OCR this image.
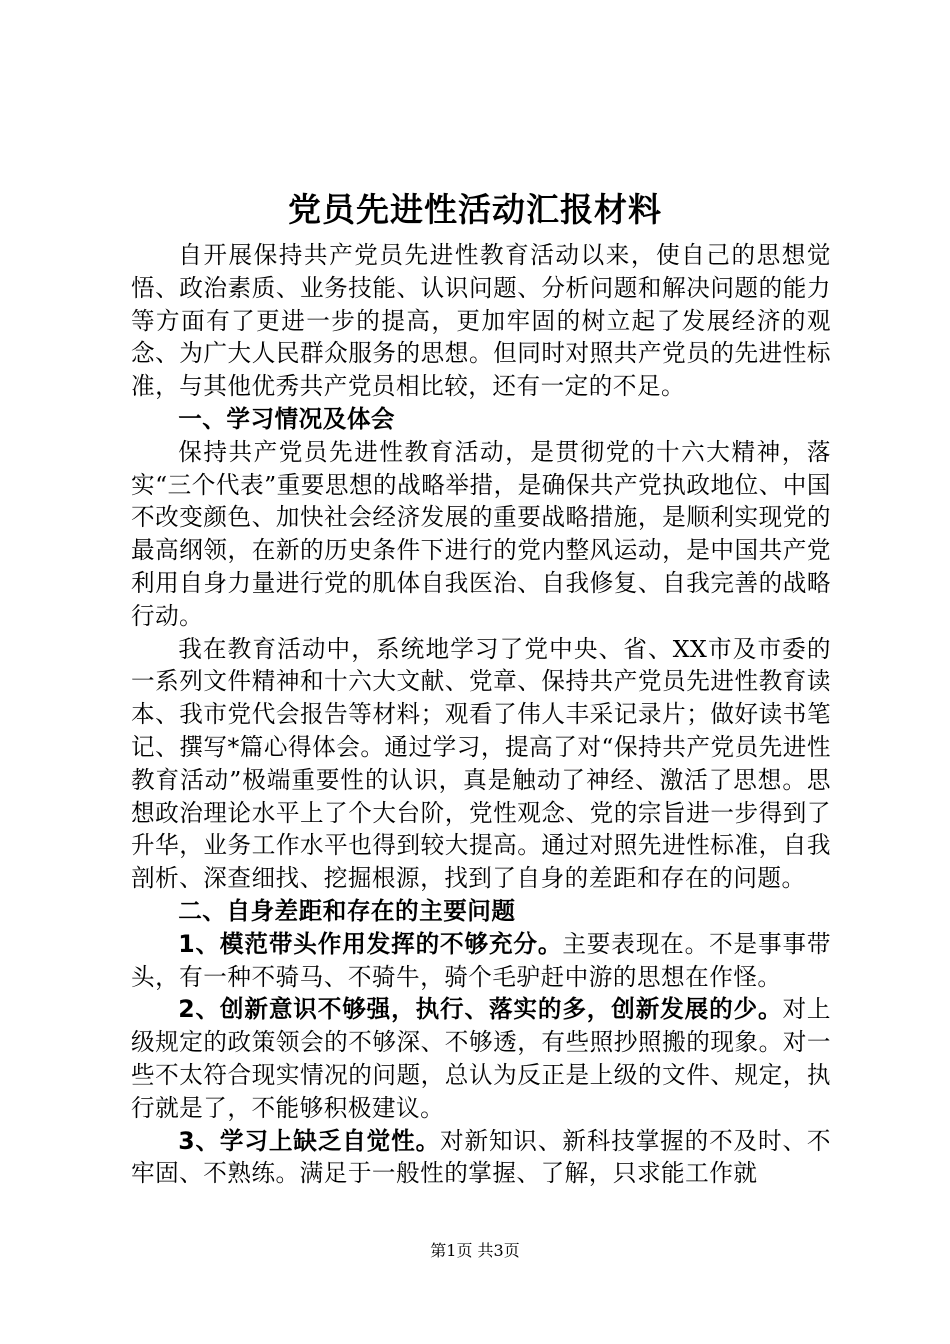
党员先进性活动汇报材料

自开展保持共产党员先进性教育活动以来，使自己的思想觉悟、政治素质、业务技能、认识问题、分析问题和解决问题的能力等方面有了更进一步的提高，更加牢固的树立起了发展经济的观念、为广大人民群众服务的思想。但同时对照共产党员的先进性标准，与其他优秀共产党员相比较，还有一定的不足。

一、学习情况及体会

保持共产党员先进性教育活动，是贯彻党的十六大精神，落实“三个代表”重要思想的战略举措，是确保共产党执政地位、中国不改变颜色、加快社会经济发展的重要战略措施，是顺利实现党的最高纲领，在新的历史条件下进行的党内整风运动，是中国共产党利用自身力量进行党的肌体自我医治、自我修复、自我完善的战略行动。

我在教育活动中，系统地学习了党中央、省、XX市及市委的一系列文件精神和十六大文献、党章、保持共产党员先进性教育读本、我市党代会报告等材料；观看了伟人丰采记录片；做好读书笔记、撰写*篇心得体会。通过学习，提高了对“保持共产党员先进性教育活动”极端重要性的认识，真是触动了神经、激活了思想。思想政治理论水平上了个大台阶，党性观念、党的宗旨进一步得到了升华，业务工作水平也得到较大提高。通过对照先进性标准，自我剖析、深查细找、挖掘根源，找到了自身的差距和存在的问题。

二、自身差距和存在的主要问题

1、模范带头作用发挥的不够充分。主要表现在。不是事事带头，有一种不骑马、不骑牛，骑个毛驴赶中游的思想在作怪。

2、创新意识不够强，执行、落实的多，创新发展的少。对上级规定的政策领会的不够深、不够透，有些照抄照搬的现象。对一些不太符合现实情况的问题，总认为反正是上级的文件、规定，执行就是了，不能够积极建议。

3、学习上缺乏自觉性。对新知识、新科技掌握的不及时、不牢固、不熟练。满足于一般性的掌握、了解，只求能工作就

第1页 共3页
